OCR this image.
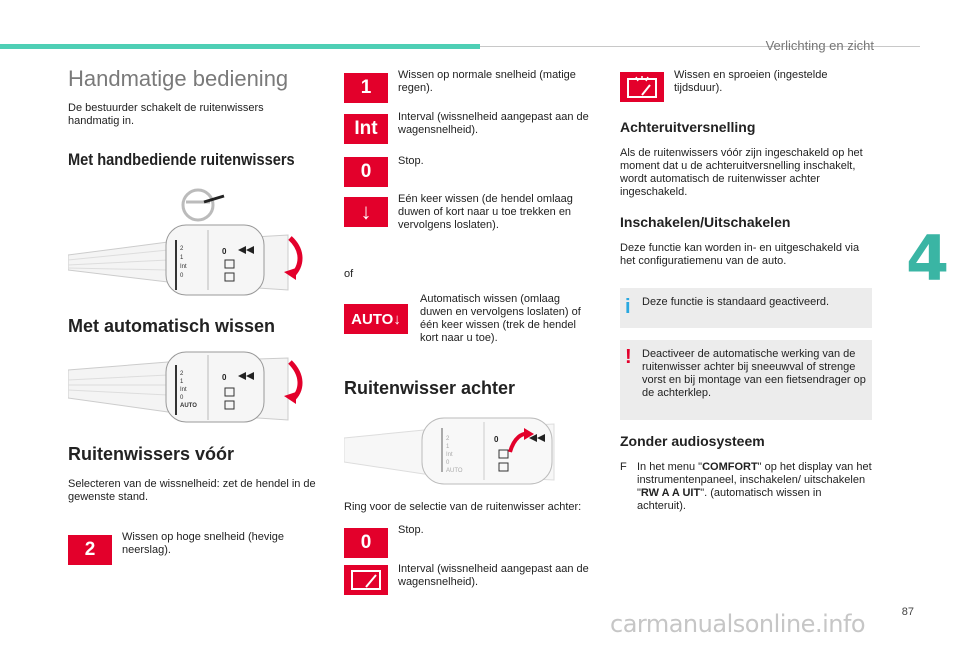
Verlichting en zicht
4
87
carmanualsonline.info
Handmatige bediening
De bestuurder schakelt de ruitenwissers handmatig in.
Met handbediende ruitenwissers
2
1
Int
0
0
Met automatisch wissen
2
1
Int
0
AUTO
0
Ruitenwissers vóór
Selecteren van de wissnelheid: zet de hendel in de gewenste stand.
2
Wissen op hoge snelheid (hevige neerslag).
1
Wissen op normale snelheid (matige regen).
Int
Interval (wissnelheid aangepast aan de wagensnelheid).
0	Stop.
↓	Eén keer wissen (de hendel omlaag duwen of kort naar u toe trekken en vervolgens loslaten).
of
AUTO↓
Automatisch wissen (omlaag duwen en vervolgens loslaten) of één keer wissen (trek de hendel kort naar u toe).
Ruitenwisser achter
2
1
Int
0
AUTO
0
Ring voor de selectie van de ruitenwisser achter:
0
Stop.
Interval (wissnelheid aangepast aan de wagensnelheid).
Wissen en sproeien (ingestelde tijdsduur).
Achteruitversnelling
Als de ruitenwissers vóór zijn ingeschakeld op het moment dat u de achteruitversnelling inschakelt, wordt automatisch de ruitenwisser achter ingeschakeld.
Inschakelen/Uitschakelen
Deze functie kan worden in- en uitgeschakeld via het configuratiemenu van de auto.
i Deze functie is standaard geactiveerd.
! Deactiveer de automatische werking van de ruitenwisser achter bij sneeuwval of strenge vorst en bij montage van een fietsendrager op de achterklep.
Zonder audiosysteem
F In het menu "COMFORT" op het display van het instrumentenpaneel, inschakelen/ uitschakelen "RW A A UIT". (automatisch wissen in achteruit).
